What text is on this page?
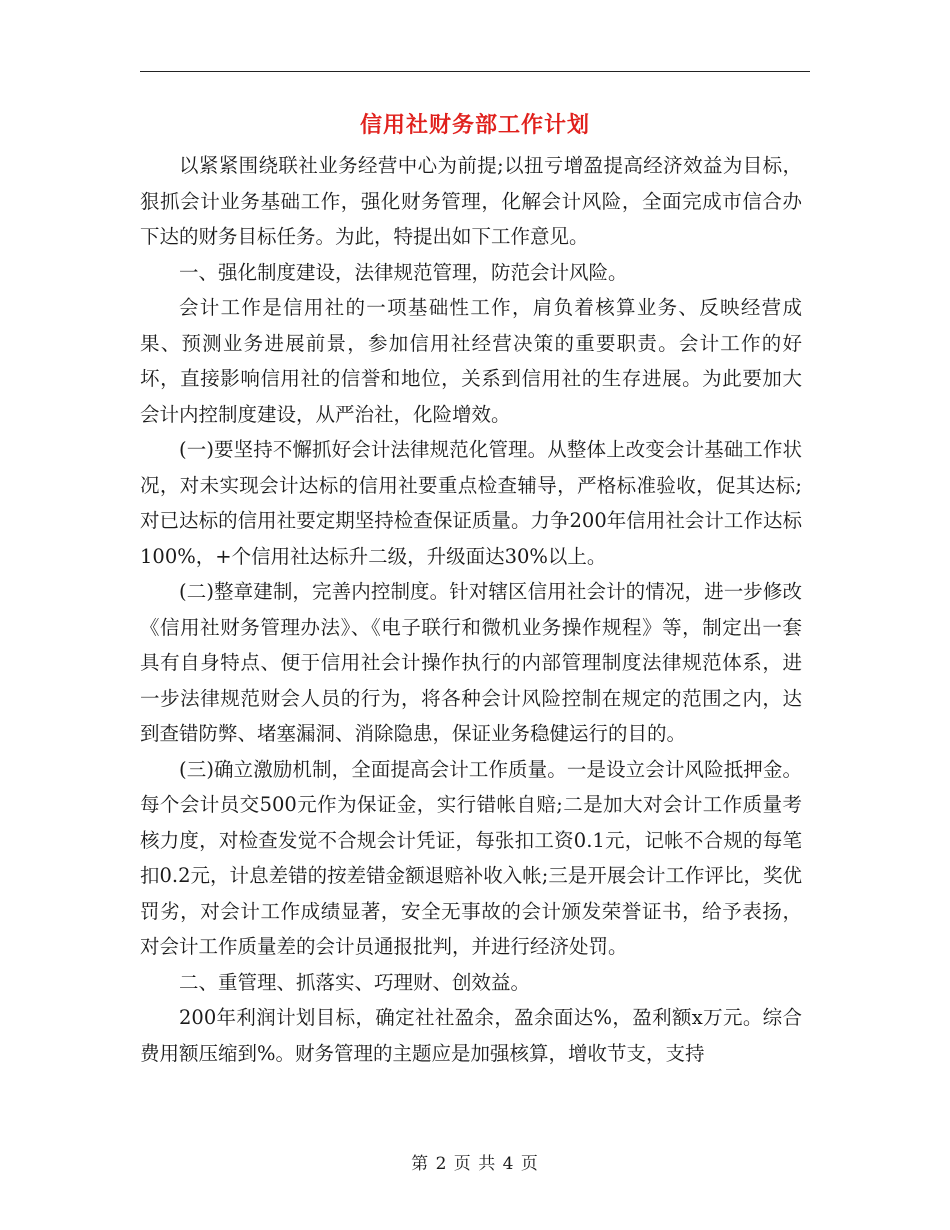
信用社财务部工作计划

以紧紧围绕联社业务经营中心为前提;以扭亏增盈提高经济效益为目标，狠抓会计业务基础工作，强化财务管理，化解会计风险，全面完成市信合办下达的财务目标任务。为此，特提出如下工作意见。

一、强化制度建设，法律规范管理，防范会计风险。

会计工作是信用社的一项基础性工作，肩负着核算业务、反映经营成果、预测业务进展前景，参加信用社经营决策的重要职责。会计工作的好坏，直接影响信用社的信誉和地位，关系到信用社的生存进展。为此要加大会计内控制度建设，从严治社，化险增效。

(一)要坚持不懈抓好会计法律规范化管理。从整体上改变会计基础工作状况，对未实现会计达标的信用社要重点检查辅导，严格标准验收，促其达标;对已达标的信用社要定期坚持检查保证质量。力争200年信用社会计工作达标100%，+个信用社达标升二级，升级面达30%以上。

(二)整章建制，完善内控制度。针对辖区信用社会计的情况，进一步修改《信用社财务管理办法》、《电子联行和微机业务操作规程》等，制定出一套具有自身特点、便于信用社会计操作执行的内部管理制度法律规范体系，进一步法律规范财会人员的行为，将各种会计风险控制在规定的范围之内，达到查错防弊、堵塞漏洞、消除隐患，保证业务稳健运行的目的。

(三)确立激励机制，全面提高会计工作质量。一是设立会计风险抵押金。每个会计员交500元作为保证金，实行错帐自赔;二是加大对会计工作质量考核力度，对检查发觉不合规会计凭证，每张扣工资0.1元，记帐不合规的每笔扣0.2元，计息差错的按差错金额退赔补收入帐;三是开展会计工作评比，奖优罚劣，对会计工作成绩显著，安全无事故的会计颁发荣誉证书，给予表扬，对会计工作质量差的会计员通报批判，并进行经济处罚。

二、重管理、抓落实、巧理财、创效益。

200年利润计划目标，确定社社盈余，盈余面达%，盈利额x万元。综合费用额压缩到%。财务管理的主题应是加强核算，增收节支，支持

第 2 页 共 4 页
